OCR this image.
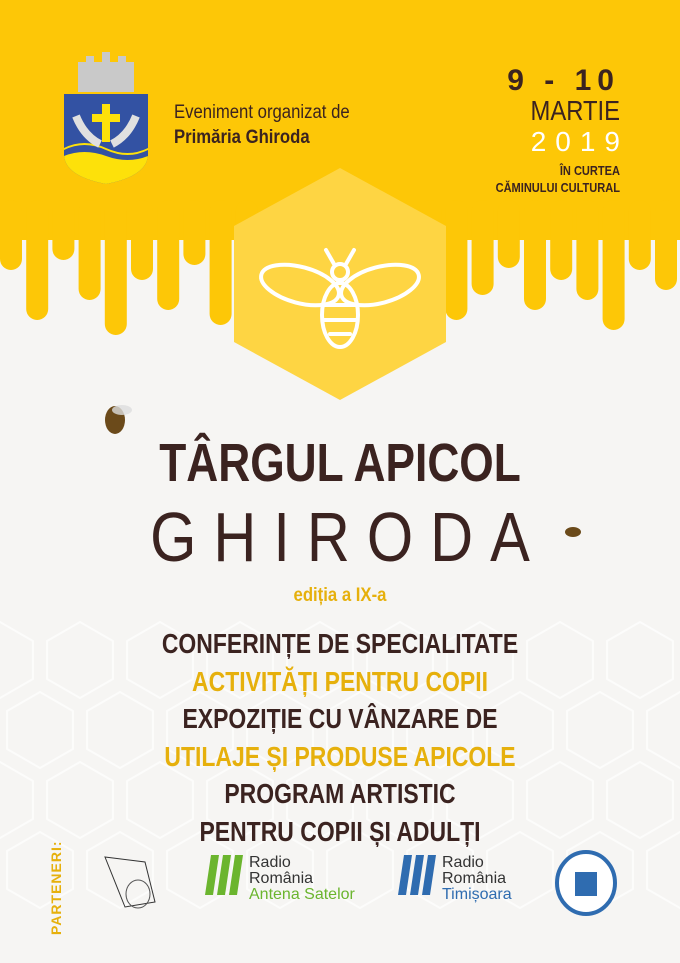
Eveniment organizat de
Primăria Ghiroda
9 - 10
MARTIE
2019
ÎN CURTEA
CĂMINULUI CULTURAL
TÂRGUL APICOL
GHIRODA
ediția a IX-a
CONFERINȚE DE SPECIALITATE
ACTIVITĂȚI PENTRU COPII
EXPOZIȚIE CU VÂNZARE DE
UTILAJE ȘI PRODUSE APICOLE
PROGRAM ARTISTIC
PENTRU COPII ȘI ADULȚI
PARTENERI:	Radio
România
Antena Satelor
Radio
România
Timișoara
